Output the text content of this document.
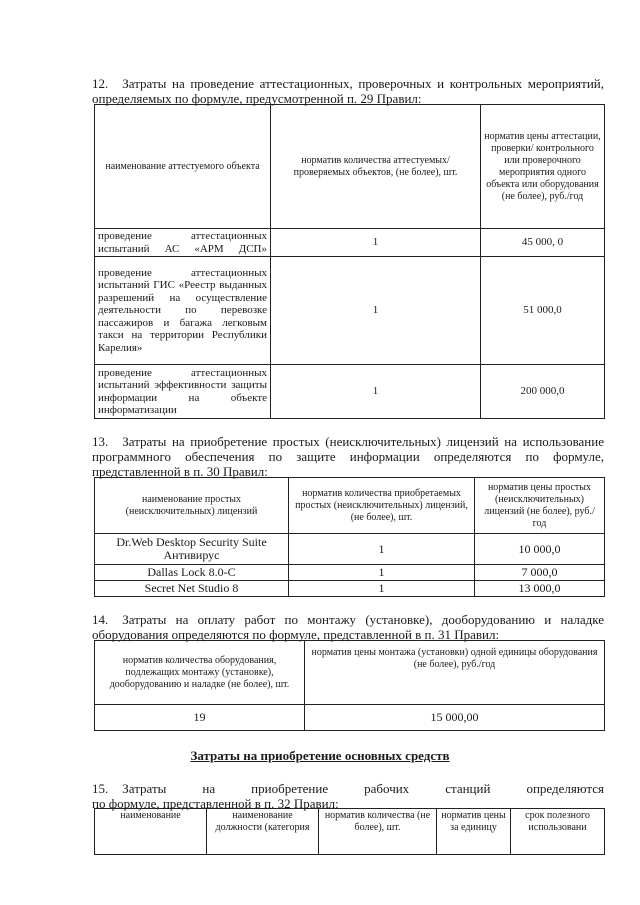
12. Затраты на проведение аттестационных, проверочных и контрольных мероприятий,

определяемых по формуле, предусмотренной п. 29 Правил:

наименование аттестуемого объекта	норматив количества аттестуемых/ проверяемых объектов, (не более), шт.	норматив цены аттестации, проверки/ контрольного или проверочного мероприятия одного объекта или оборудования (не более), руб./год
проведение аттестационных испытаний АС «АРМ ДСП»	1	45 000, 0
проведение аттестационных испытаний ГИС «Реестр выданных разрешений на осуществление деятельности по перевозке пассажиров и багажа легковым такси на территории Республики Карелия»	1	51 000,0
проведение аттестационных испытаний эффективности защиты информации на объекте информатизации	1	200 000,0

13. Затраты на приобретение простых (неисключительных) лицензий на использование

программного обеспечения по защите информации определяются по формуле,

представленной в п. 30 Правил:

наименование простых (неисключительных) лицензий	норматив количества приобретаемых простых (неисключительных) лицензий, (не более), шт.	норматив цены простых (неисключительных) лицензий (не более), руб./год
Dr.Web Desktop Security Suite Антивирус	1	10 000,0
Dallas Lock 8.0-С	1	7 000,0
Secret Net Studio 8	1	13 000,0

14. Затраты на оплату работ по монтажу (установке), дооборудованию и наладке

оборудования определяются по формуле, представленной в п. 31 Правил:

норматив количества оборудования, подлежащих монтажу (установке), дооборудованию и наладке (не более), шт.	норматив цены монтажа (установки) одной единицы оборудования (не более), руб./год
19	15 000,00
Затраты на приобретение основных средств

15. Затраты на приобретение рабочих станций определяются

по формуле, представленной в п. 32 Правил:

наименование	наименование должности (категория	норматив количества (не более), шт.	норматив цены за единицу	срок полезного использовани
